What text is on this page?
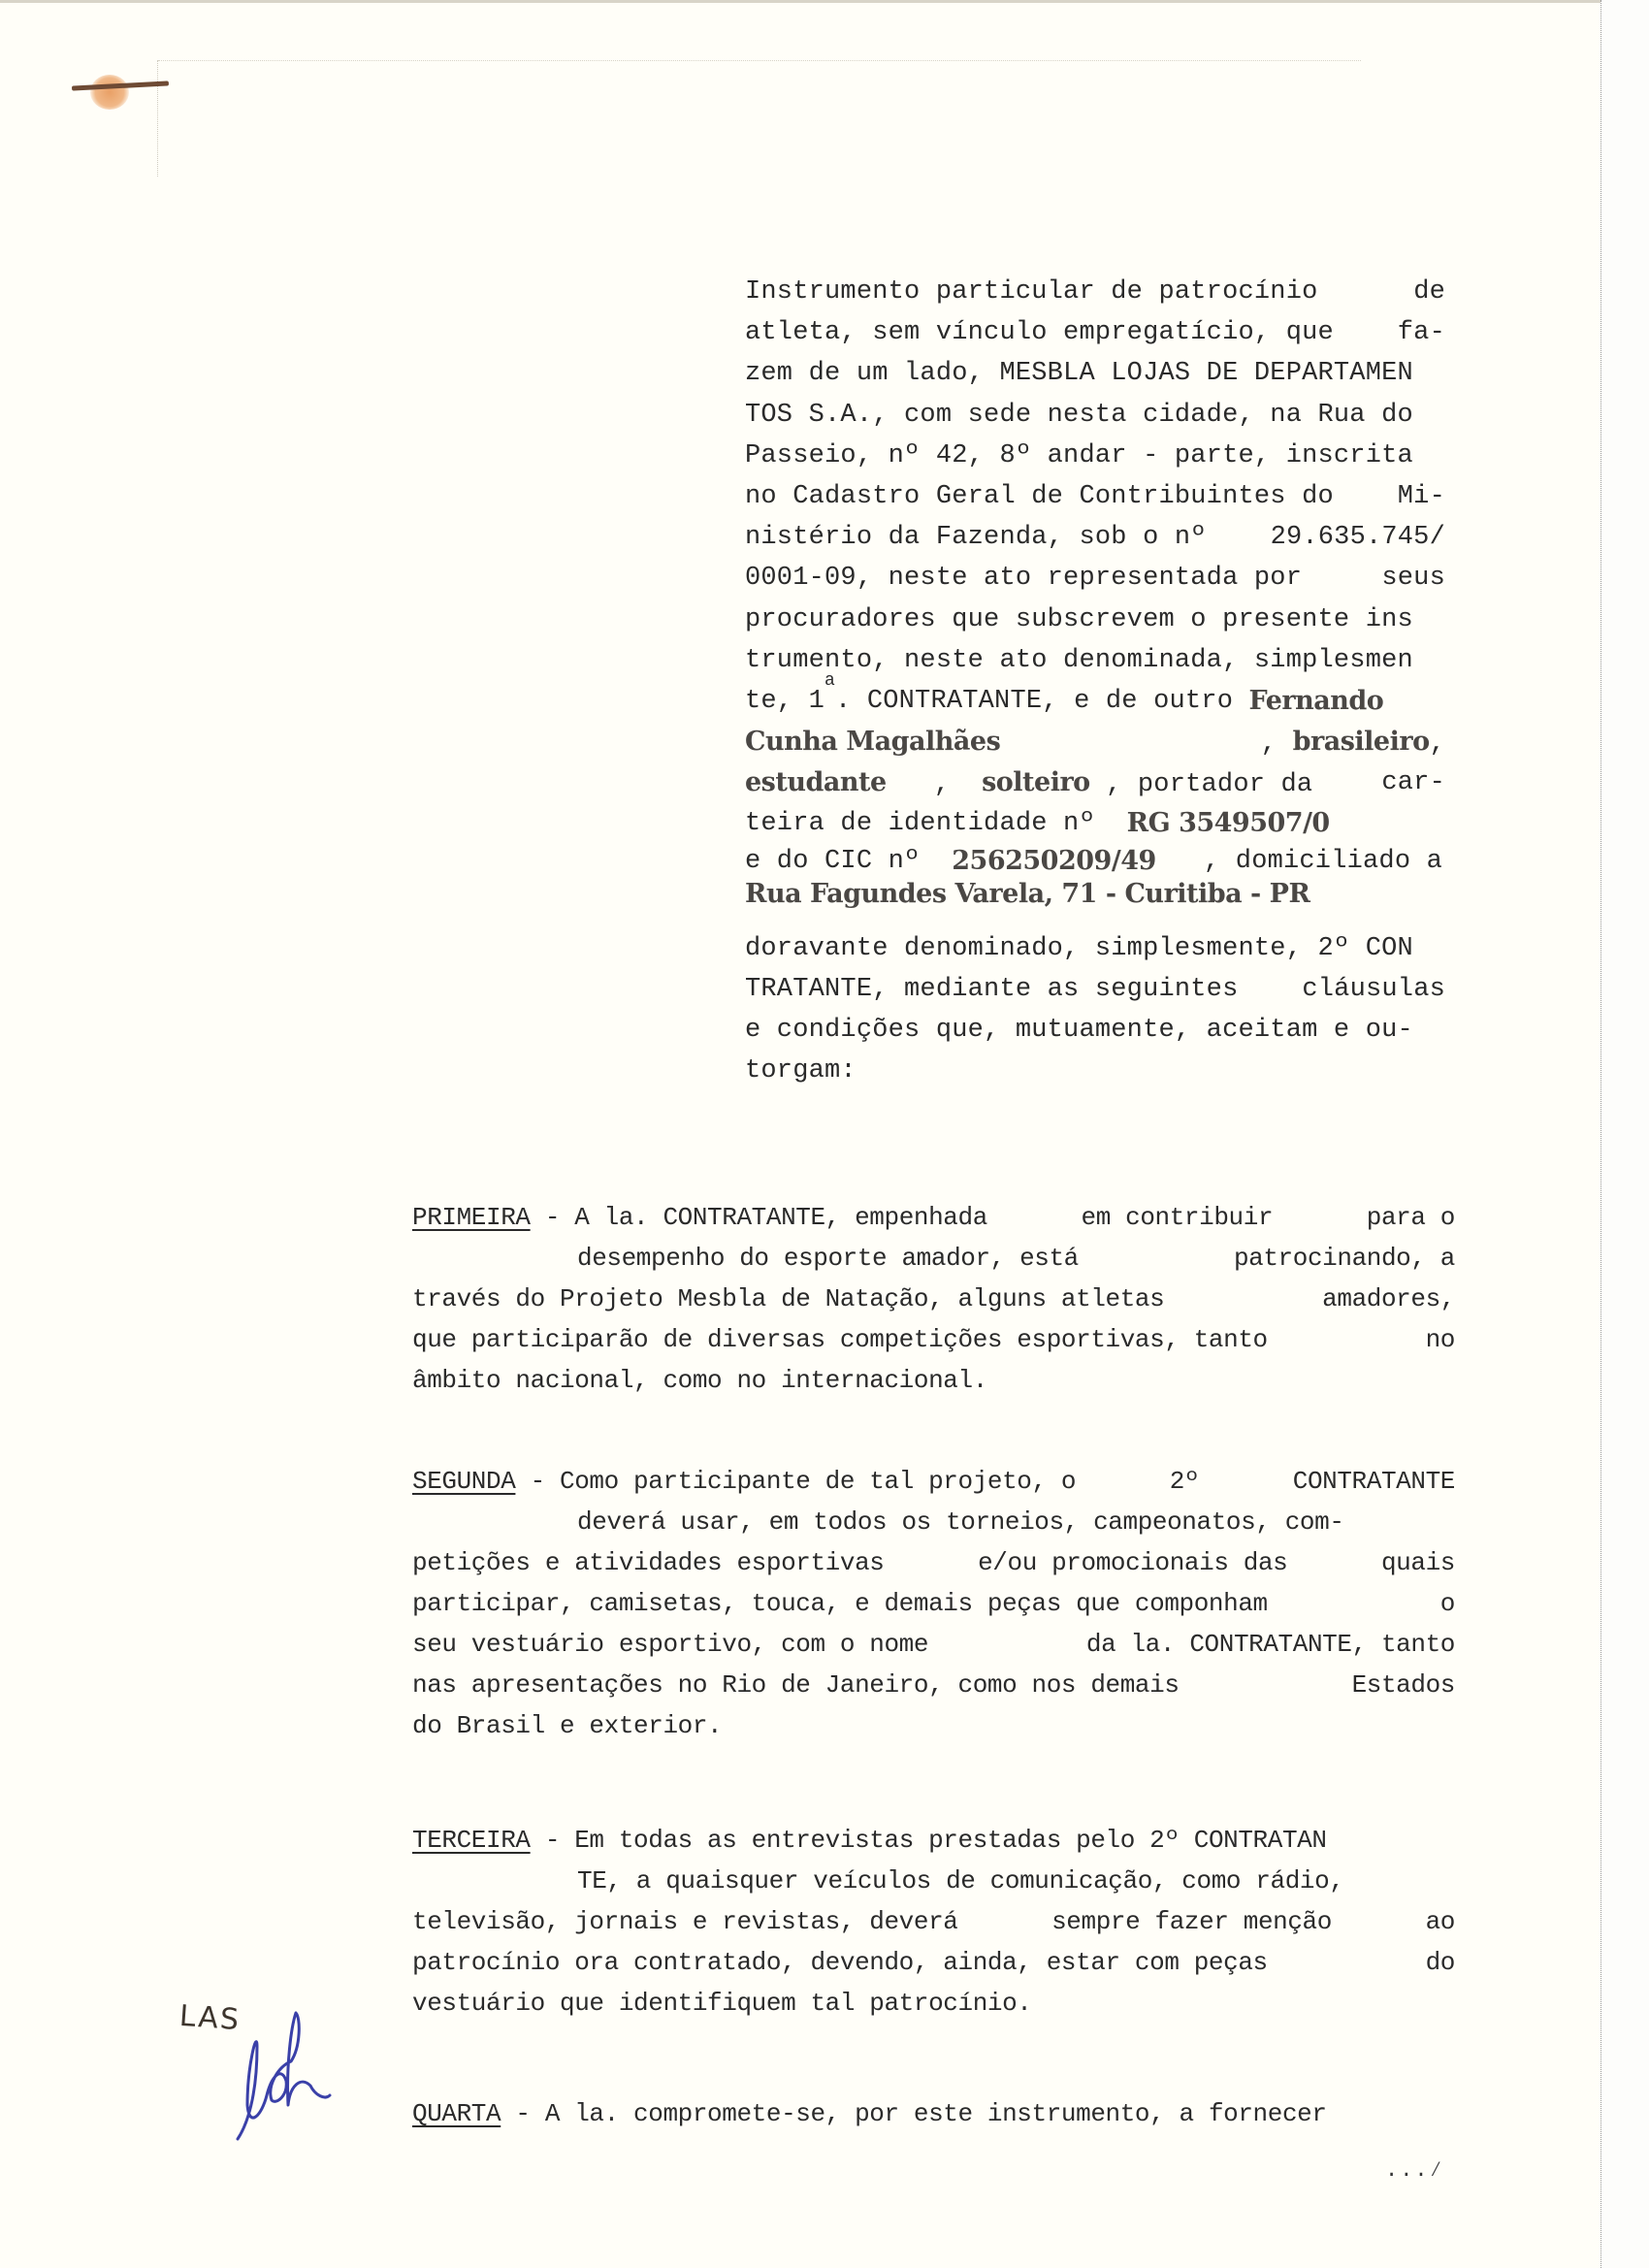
Instrumento particular de patrocínio	de
atleta, sem vínculo empregatício, que fa-
zem de um lado, MESBLA LOJAS DE DEPARTAMEN
TOS S.A., com sede nesta cidade, na Rua do
Passeio, nº 42, 8º andar - parte, inscrita
no Cadastro Geral de Contribuintes do Mi-
nistério da Fazenda, sob o nº 29.635.745/
0001-09, neste ato representada por	seus
procuradores que subscrevem o presente ins
trumento, neste ato denominada, simplesmen
te, 1
a
. CONTRATANTE, e de outro Fernando
Cunha Magalhães	, brasileiro,
estudante , solteiro , portador da	car-
teira de identidade nº
RG 3549507/0
e do CIC nº
256250209/49
, domiciliado a
Rua Fagundes Varela, 71 - Curitiba - PR
doravante denominado, simplesmente, 2º CON
TRATANTE, mediante as seguintes cláusulas
e condições que, mutuamente, aceitam e ou-
torgam:
PRIMEIRA - A la. CONTRATANTE, empenhada	em contribuir	para o
desempenho do esporte amador, está	patrocinando, a
través do Projeto Mesbla de Natação, alguns atletas	amadores,
que participarão de diversas competições esportivas, tanto	no
âmbito nacional, como no internacional.
SEGUNDA - Como participante de tal projeto, o	2º	CONTRATANTE
deverá usar, em todos os torneios, campeonatos, com-
petições e atividades esportivas	e/ou promocionais das	quais
participar, camisetas, touca, e demais peças que componham	o
seu vestuário esportivo, com o nome	da la. CONTRATANTE, tanto
nas apresentações no Rio de Janeiro, como nos demais	Estados
do Brasil e exterior.
TERCEIRA
- Em todas as entrevistas prestadas pelo 2º CONTRATAN
TE, a quaisquer veículos de comunicação, como rádio,
televisão, jornais e revistas, deverá	sempre fazer menção	ao
patrocínio ora contratado, devendo, ainda, estar com peças	do
vestuário que identifiquem tal patrocínio.
QUARTA
- A la. compromete-se, por este instrumento, a fornecer
LAS
...⁄
